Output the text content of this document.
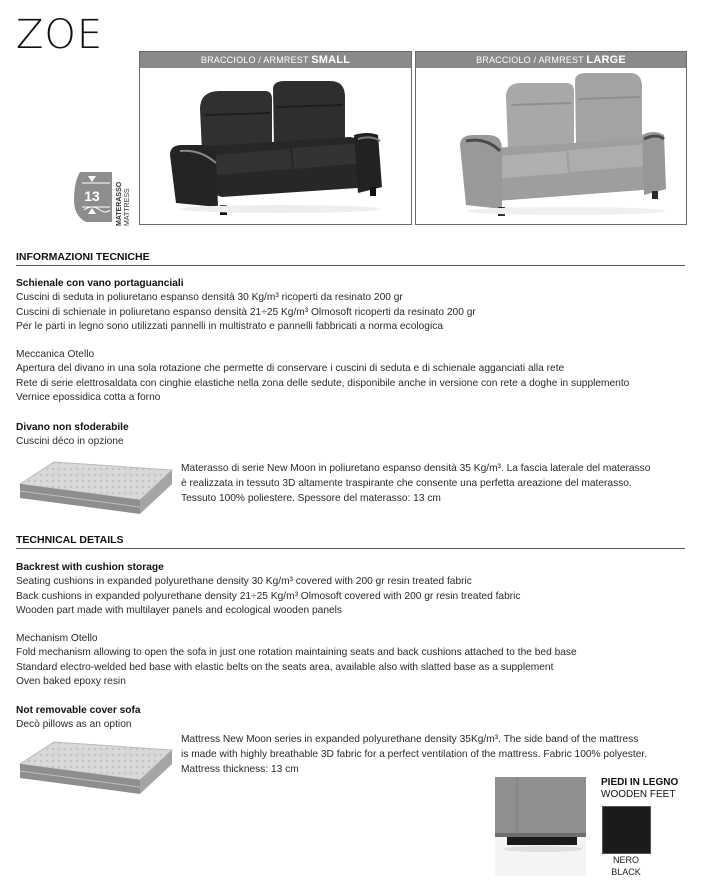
ZOE
BRACCIOLO / ARMREST SMALL	BRACCIOLO / ARMREST LARGE
13 MATERASSO MATTRESS
INFORMAZIONI TECNICHE
Schienale con vano portaguanciali
Cuscini di seduta in poliuretano espanso densità 30 Kg/m³ ricoperti da resinato 200 gr
Cuscini di schienale in poliuretano espanso densità 21÷25 Kg/m³ Olmosoft ricoperti da resinato 200 gr
Per le parti in legno sono utilizzati pannelli in multistrato e pannelli fabbricati a norma ecologica
Meccanica Otello
Apertura del divano in una sola rotazione che permette di conservare i cuscini di seduta e di schienale agganciati alla rete
Rete di serie elettrosaldata con cinghie elastiche nella zona delle sedute, disponibile anche in versione con rete a doghe in supplemento
Vernice epossidica cotta a forno
Divano non sfoderabile
Cuscini déco in opzione
Materasso di serie New Moon in poliuretano espanso densità 35 Kg/m³. La fascia laterale del materasso
è realizzata in tessuto 3D altamente traspirante che consente una perfetta areazione del materasso.
Tessuto 100% poliestere. Spessore del materasso: 13 cm
TECHNICAL DETAILS
Backrest with cushion storage
Seating cushions in expanded polyurethane density 30 Kg/m³ covered with 200 gr resin treated fabric
Back cushions in expanded polyurethane density 21÷25 Kg/m³ Olmosoft covered with 200 gr resin treated fabric
Wooden part made with multilayer panels and ecological wooden panels
Mechanism Otello
Fold mechanism allowing to open the sofa in just one rotation maintaining seats and back cushions attached to the bed base
Standard electro-welded bed base with elastic belts on the seats area, available also with slatted base as a supplement
Oven baked epoxy resin
Not removable cover sofa
Decò pillows as an option
Mattress New Moon series in expanded polyurethane density 35Kg/m³. The side band of the mattress
is made with highly breathable 3D fabric for a perfect ventilation of the mattress. Fabric 100% polyester.
Mattress thickness: 13 cm
PIEDI IN LEGNO
WOODEN FEET
NERO
BLACK
